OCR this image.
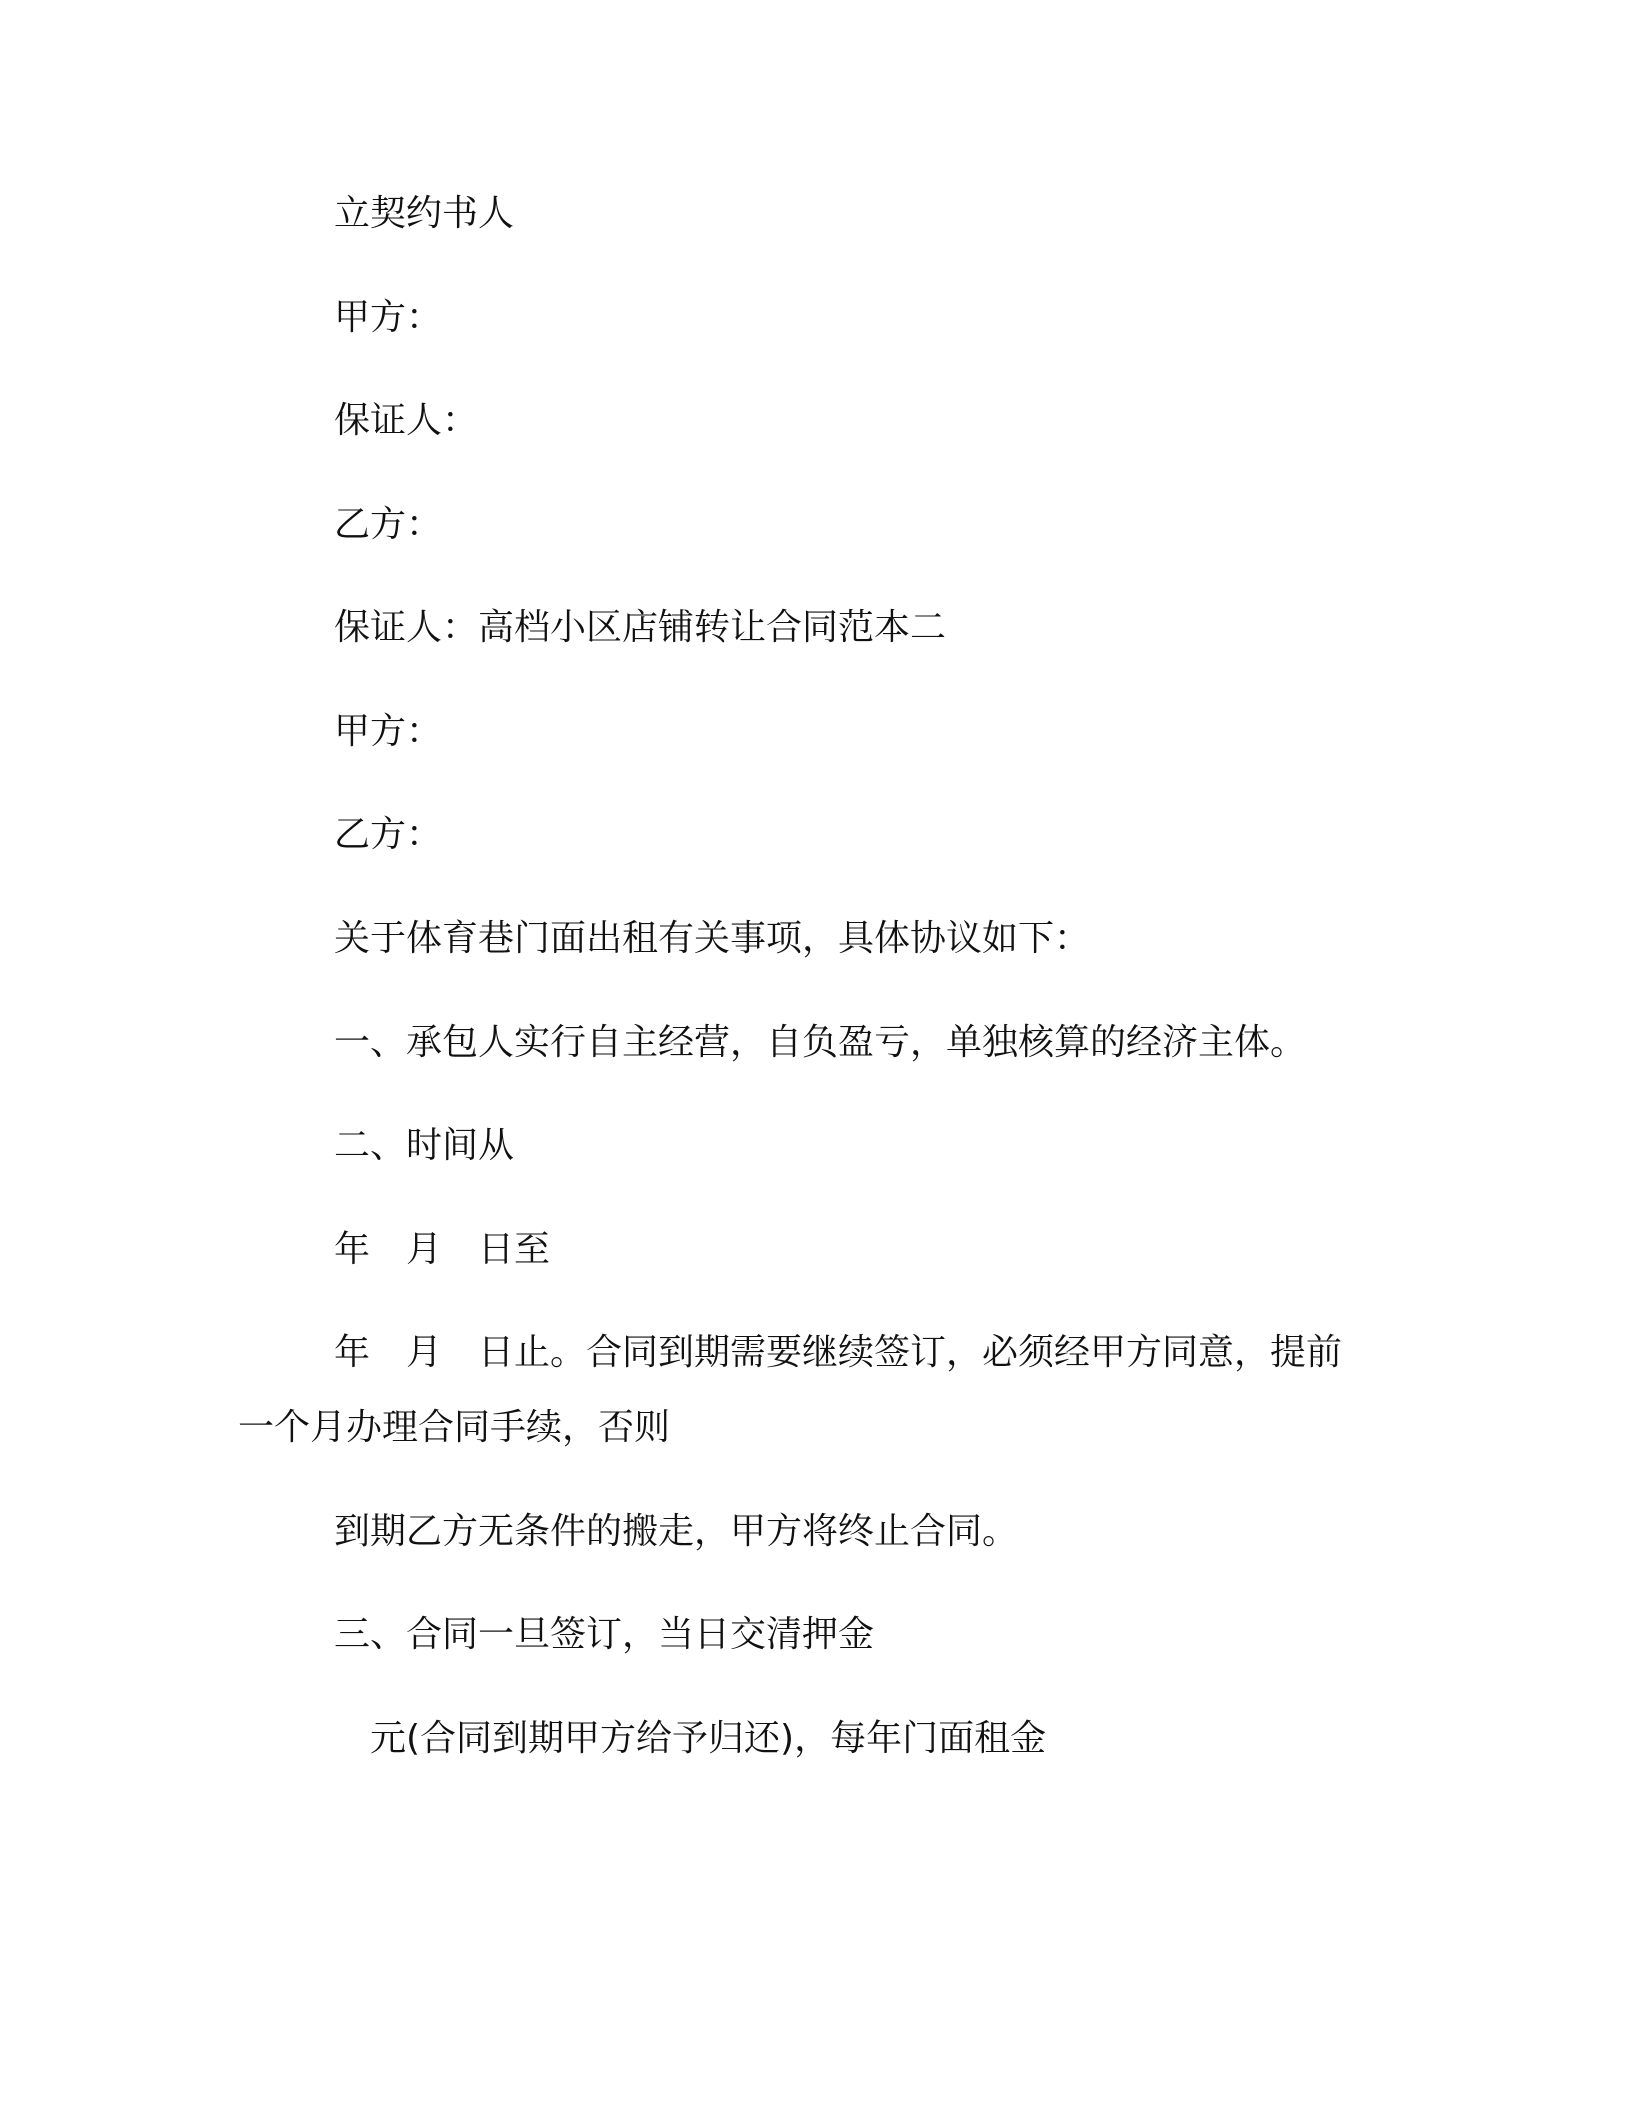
立契约书人
甲方：
保证人：
乙方：
保证人：高档小区店铺转让合同范本二
甲方：
乙方：
关于体育巷门面出租有关事项，具体协议如下：
一、承包人实行自主经营，自负盈亏，单独核算的经济主体。
二、时间从
年　月　日至
年　月　日止。合同到期需要继续签订，必须经甲方同意，提前
一个月办理合同手续，否则
到期乙方无条件的搬走，甲方将终止合同。
三、合同一旦签订，当日交清押金
元(合同到期甲方给予归还)，每年门面租金
